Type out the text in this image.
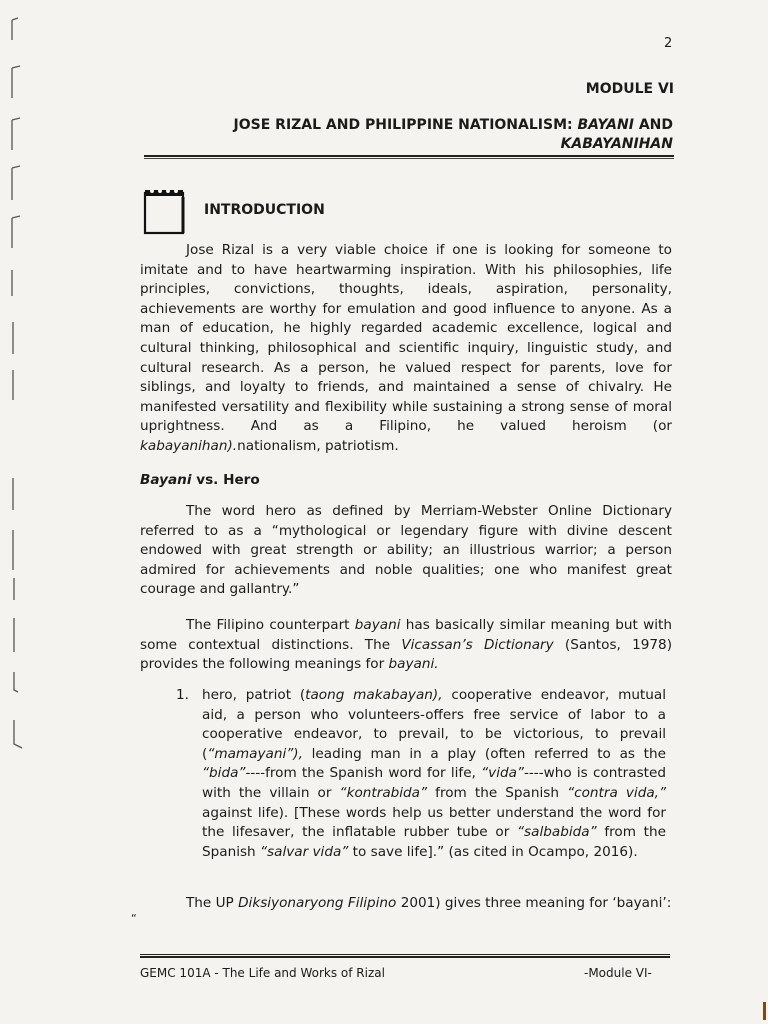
2
MODULE VI
JOSE RIZAL AND PHILIPPINE NATIONALISM: BAYANI AND
KABAYANIHAN
INTRODUCTION

Jose Rizal is a very viable choice if one is looking for someone to imitate and to have heartwarming inspiration. With his philosophies, life principles, convictions, thoughts, ideals, aspiration, personality, achievements are worthy for emulation and good influence to anyone. As a man of education, he highly regarded academic excellence, logical and cultural thinking, philosophical and scientific inquiry, linguistic study, and cultural research. As a person, he valued respect for parents, love for siblings, and loyalty to friends, and maintained a sense of chivalry. He manifested versatility and flexibility while sustaining a strong sense of moral uprightness. And as a Filipino, he valued heroism (or kabayanihan).nationalism, patriotism.

Bayani vs. Hero

The word hero as defined by Merriam-Webster Online Dictionary referred to as a “mythological or legendary figure with divine descent endowed with great strength or ability; an illustrious warrior; a person admired for achievements and noble qualities; one who manifest great courage and gallantry.”

The Filipino counterpart bayani has basically similar meaning but with some contextual distinctions. The Vicassan’s Dictionary (Santos, 1978) provides the following meanings for bayani.

1. hero, patriot (taong makabayan), cooperative endeavor, mutual aid, a person who volunteers-offers free service of labor to a cooperative endeavor, to prevail, to be victorious, to prevail (“mamayani”), leading man in a play (often referred to as the “bida”----from the Spanish word for life, “vida”----who is contrasted with the villain or “kontrabida” from the Spanish “contra vida,” against life). [These words help us better understand the word for the lifesaver, the inflatable rubber tube or “salbabida” from the Spanish “salvar vida” to save life].” (as cited in Ocampo, 2016).

The UP Diksiyonaryong Filipino 2001) gives three meaning for ‘bayani’:

“
GEMC 101A - The Life and Works of Rizal	-Module VI-
